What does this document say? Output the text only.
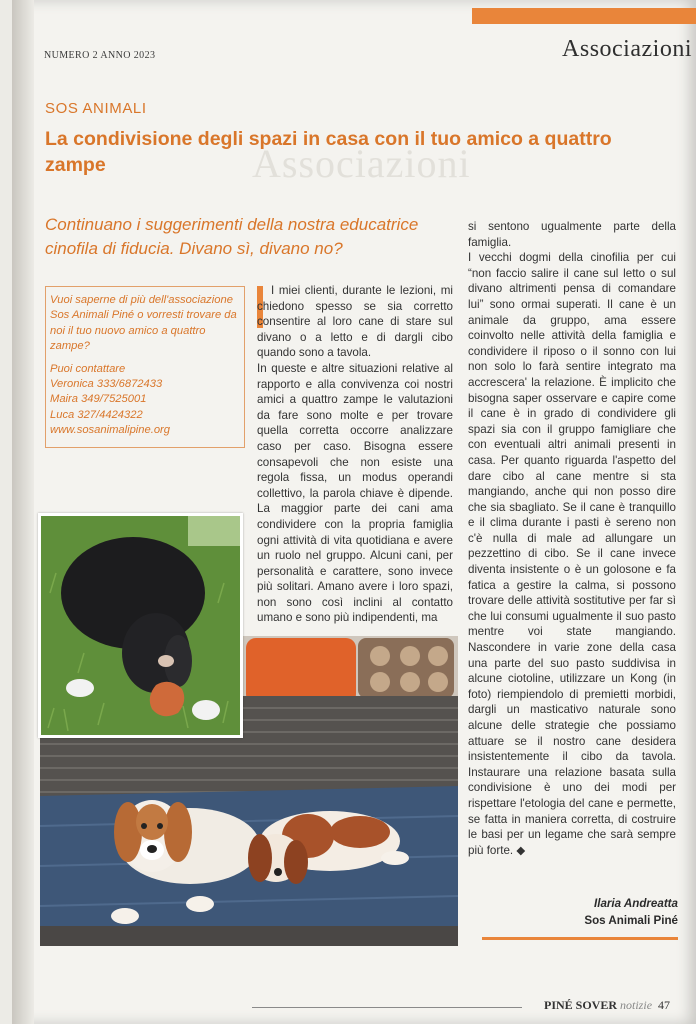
NUMERO 2 ANNO 2023	Associazioni
Associazioni
SOS ANIMALI
La condivisione degli spazi in casa con il tuo amico a quattro zampe
Continuano i suggerimenti della nostra educatrice cinofila di fiducia. Divano sì, divano no?

Vuoi saperne di più dell'associazione Sos Animali Piné o vorresti trovare da noi il tuo nuovo amico a quattro zampe?

Puoi contattare

Veronica 333/6872433

Maira 349/7525001

Luca 327/4424322

www.sosanimalipine.org

I miei clienti, durante le lezioni, mi chiedono spesso se sia corretto consentire al loro cane di stare sul divano o a letto e di dargli cibo quando sono a tavola.

In queste e altre situazioni relative al rapporto e alla convivenza coi nostri amici a quattro zampe le valutazioni da fare sono molte e per trovare quella corretta occorre analizzare caso per caso. Bisogna essere consapevoli che non esiste una regola fissa, un modus operandi collettivo, la parola chiave è dipende. La maggior parte dei cani ama condividere con la propria famiglia ogni attività di vita quotidiana e avere un ruolo nel gruppo. Alcuni cani, per personalità e carattere, sono invece più solitari. Amano avere i loro spazi, non sono così inclini al contatto umano e sono più indipendenti, ma

si sentono ugualmente parte della famiglia.

I vecchi dogmi della cinofilia per cui “non faccio salire il cane sul letto o sul divano altrimenti pensa di comandare lui” sono ormai superati. Il cane è un animale da gruppo, ama essere coinvolto nelle attività della famiglia e condividere il riposo o il sonno con lui non solo lo farà sentire integrato ma accrescera' la relazione. È implicito che bisogna saper osservare e capire come il cane è in grado di condividere gli spazi sia con il gruppo famigliare che con eventuali altri animali presenti in casa. Per quanto riguarda l'aspetto del dare cibo al cane mentre si sta mangiando, anche qui non posso dire che sia sbagliato. Se il cane è tranquillo e il clima durante i pasti è sereno non c'è nulla di male ad allungare un pezzettino di cibo. Se il cane invece diventa insistente o è un golosone e fa fatica a gestire la calma, si possono trovare delle attività sostitutive per far sì che lui consumi ugualmente il suo pasto mentre voi state mangiando. Nascondere in varie zone della casa una parte del suo pasto suddivisa in alcune ciotoline, utilizzare un Kong (in foto) riempiendolo di premietti morbidi, dargli un masticativo naturale sono alcune delle strategie che possiamo attuare se il nostro cane desidera insistentemente il cibo da tavola. Instaurare una relazione basata sulla condivisione è uno dei modi per rispettare l'etologia del cane e permette, se fatta in maniera corretta, di costruire le basi per un legame che sarà sempre più forte. ◆

Ilaria Andreatta
Sos Animali Piné
PINÉ SOVER notizie 47
